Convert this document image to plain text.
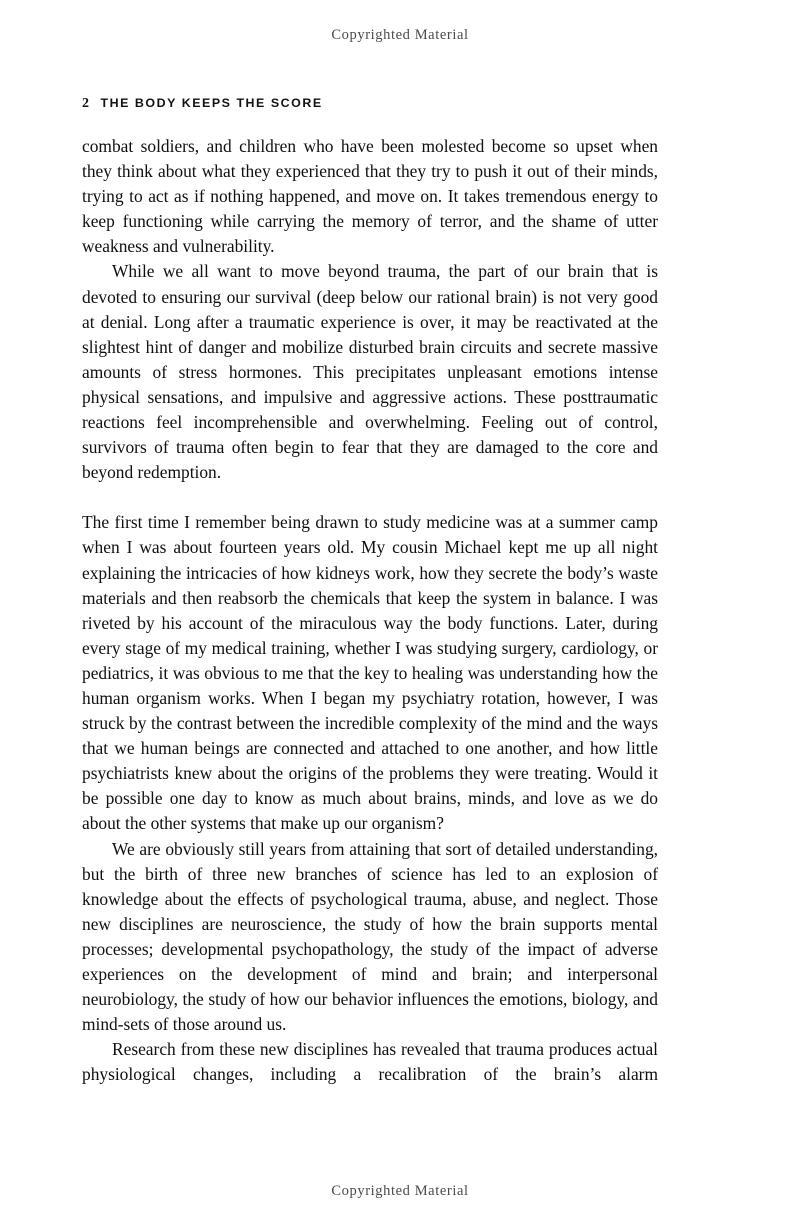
Copyrighted Material
2 THE BODY KEEPS THE SCORE

combat soldiers, and children who have been molested become so upset when they think about what they experienced that they try to push it out of their minds, trying to act as if nothing happened, and move on. It takes tremendous energy to keep functioning while carrying the memory of terror, and the shame of utter weakness and vulnerability.

While we all want to move beyond trauma, the part of our brain that is devoted to ensuring our survival (deep below our rational brain) is not very good at denial. Long after a traumatic experience is over, it may be reactivated at the slightest hint of danger and mobilize disturbed brain circuits and secrete massive amounts of stress hormones. This precipitates unpleasant emotions intense physical sensations, and impulsive and aggressive actions. These posttraumatic reactions feel incomprehensible and overwhelming. Feeling out of control, survivors of trauma often begin to fear that they are damaged to the core and beyond redemption.

The first time I remember being drawn to study medicine was at a summer camp when I was about fourteen years old. My cousin Michael kept me up all night explaining the intricacies of how kidneys work, how they secrete the body’s waste materials and then reabsorb the chemicals that keep the system in balance. I was riveted by his account of the miraculous way the body functions. Later, during every stage of my medical training, whether I was studying surgery, cardiology, or pediatrics, it was obvious to me that the key to healing was understanding how the human organism works. When I began my psychiatry rotation, however, I was struck by the contrast between the incredible complexity of the mind and the ways that we human beings are connected and attached to one another, and how little psychiatrists knew about the origins of the problems they were treating. Would it be possible one day to know as much about brains, minds, and love as we do about the other systems that make up our organism?

We are obviously still years from attaining that sort of detailed understanding, but the birth of three new branches of science has led to an explosion of knowledge about the effects of psychological trauma, abuse, and neglect. Those new disciplines are neuroscience, the study of how the brain supports mental processes; developmental psychopathology, the study of the impact of adverse experiences on the development of mind and brain; and interpersonal neurobiology, the study of how our behavior influences the emotions, biology, and mind-sets of those around us.

Research from these new disciplines has revealed that trauma produces actual physiological changes, including a recalibration of the brain’s alarm

Copyrighted Material
